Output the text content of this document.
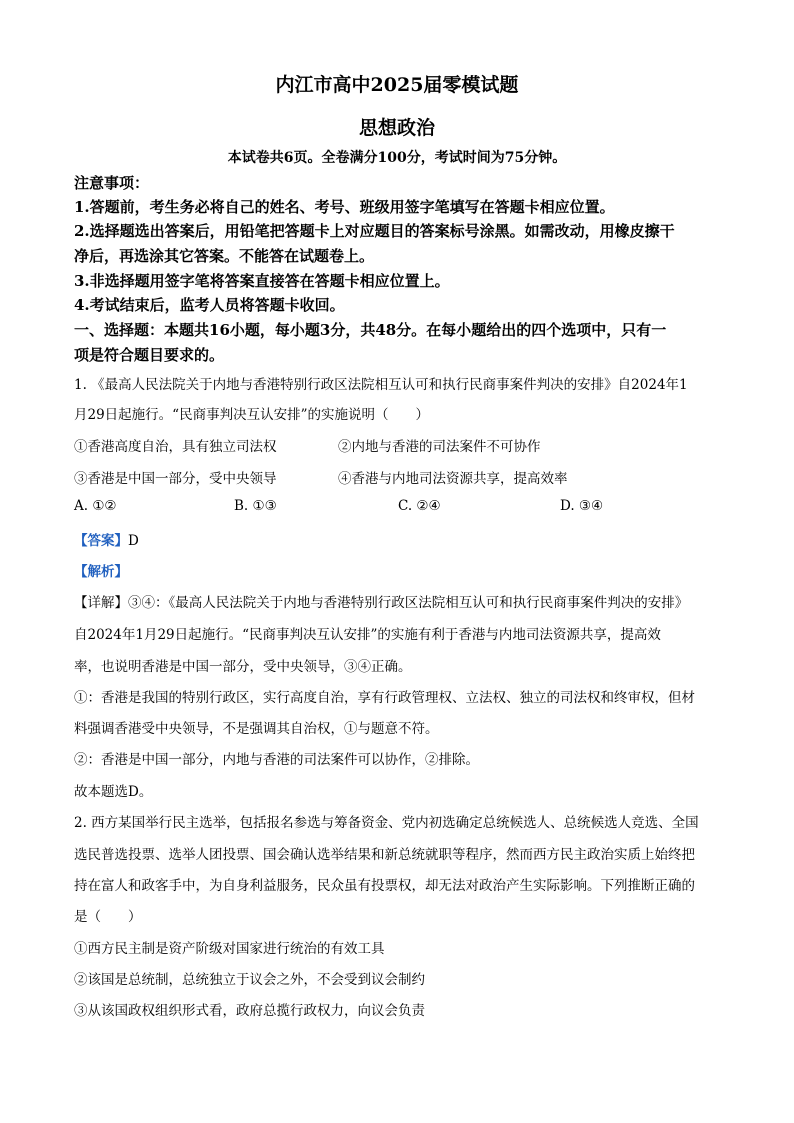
内江市高中2025届零模试题
思想政治
本试卷共6页。全卷满分100分，考试时间为75分钟。
注意事项：
1.答题前，考生务必将自己的姓名、考号、班级用签字笔填写在答题卡相应位置。
2.选择题选出答案后，用铅笔把答题卡上对应题目的答案标号涂黑。如需改动，用橡皮擦干
净后，再选涂其它答案。不能答在试题卷上。
3.非选择题用签字笔将答案直接答在答题卡相应位置上。
4.考试结束后，监考人员将答题卡收回。
一、选择题：本题共16小题，每小题3分，共48分。在每小题给出的四个选项中，只有一
项是符合题目要求的。
1. 《最高人民法院关于内地与香港特别行政区法院相互认可和执行民商事案件判决的安排》自2024年1
月29日起施行。“民商事判决互认安排”的实施说明（　　）
①香港高度自治，具有独立司法权	②内地与香港的司法案件不可协作
③香港是中国一部分，受中央领导	④香港与内地司法资源共享，提高效率
A. ①②	B. ①③	C. ②④	D. ③④
【答案】D
【解析】
【详解】③④：《最高人民法院关于内地与香港特别行政区法院相互认可和执行民商事案件判决的安排》
自2024年1月29日起施行。“民商事判决互认安排”的实施有利于香港与内地司法资源共享，提高效
率，也说明香港是中国一部分，受中央领导，③④正确。
①：香港是我国的特别行政区，实行高度自治，享有行政管理权、立法权、独立的司法权和终审权，但材
料强调香港受中央领导，不是强调其自治权，①与题意不符。
②：香港是中国一部分，内地与香港的司法案件可以协作，②排除。
故本题选D。
2. 西方某国举行民主选举，包括报名参选与筹备资金、党内初选确定总统候选人、总统候选人竞选、全国
选民普选投票、选举人团投票、国会确认选举结果和新总统就职等程序，然而西方民主政治实质上始终把
持在富人和政客手中，为自身利益服务，民众虽有投票权，却无法对政治产生实际影响。下列推断正确的
是（　　）
①西方民主制是资产阶级对国家进行统治的有效工具
②该国是总统制，总统独立于议会之外，不会受到议会制约
③从该国政权组织形式看，政府总揽行政权力，向议会负责
